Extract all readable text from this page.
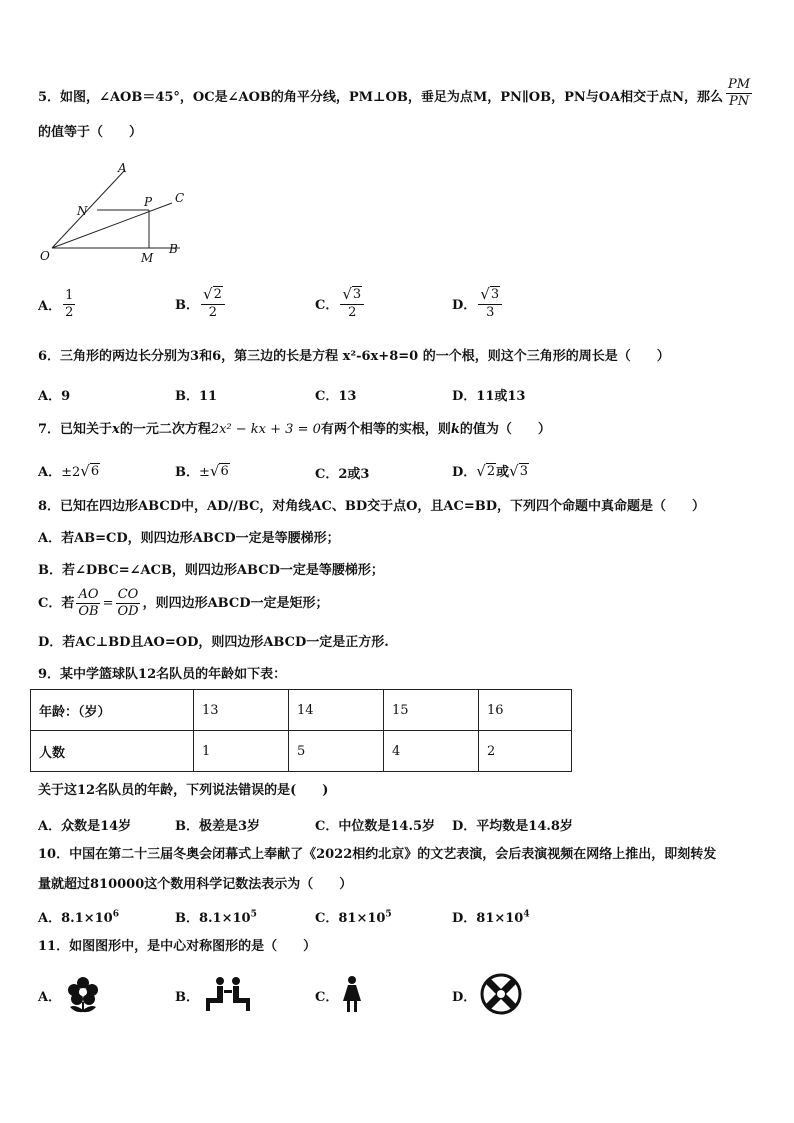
5．如图，∠AOB＝45°，OC是∠AOB的角平分线，PM⊥OB，垂足为点M，PN∥OB，PN与OA相交于点N，那么 $\frac{PM}{PN}$
的值等于（　　）
A
C
N
P
O	M
B
A． $\frac{1}{2}$	B． $\frac{√ 2}{2}$	C． $\frac{√ 3}{2}$	D． $\frac{√ 3}{3}$
6．三角形的两边长分别为3和6，第三边的长是方程 x²-6x+8=0 的一个根，则这个三角形的周长是（　　）
A．9	B．11	C．13	D．11或13
7．已知关于x的一元二次方程2x² − kx + 3 = 0有两个相等的实根，则k的值为（　　）
A．±2 √ 6	B．± √ 6	C．2或3	D． √ 2 或 √ 3
8．已知在四边形ABCD中，AD//BC，对角线AC、BD交于点O，且AC=BD，下列四个命题中真命题是（　　）
A．若AB=CD，则四边形ABCD一定是等腰梯形；
B．若∠DBC=∠ACB，则四边形ABCD一定是等腰梯形；
C．若 $\frac{AO}{OB} = \frac{CO}{OD}$ ，则四边形ABCD一定是矩形；
D．若AC⊥BD且AO=OD，则四边形ABCD一定是正方形.
9．某中学篮球队12名队员的年龄如下表：
年龄：（岁）	13	14	15	16
人数	1	5	4	2
关于这12名队员的年龄，下列说法错误的是(　　)
A．众数是14岁	B．极差是3岁	C．中位数是14.5岁 D．平均数是14.8岁
10．中国在第二十三届冬奥会闭幕式上奉献了《2022相约北京》的文艺表演，会后表演视频在网络上推出，即刻转发
量就超过810000这个数用科学记数法表示为（　　）
A．$8.1\times 10^6$	B．$8.1\times 10^5$	C．$81\times 10^5$	D．$81\times 10^4$
11．如图图形中，是中心对称图形的是（　　）
A．	B．	C．	D．
